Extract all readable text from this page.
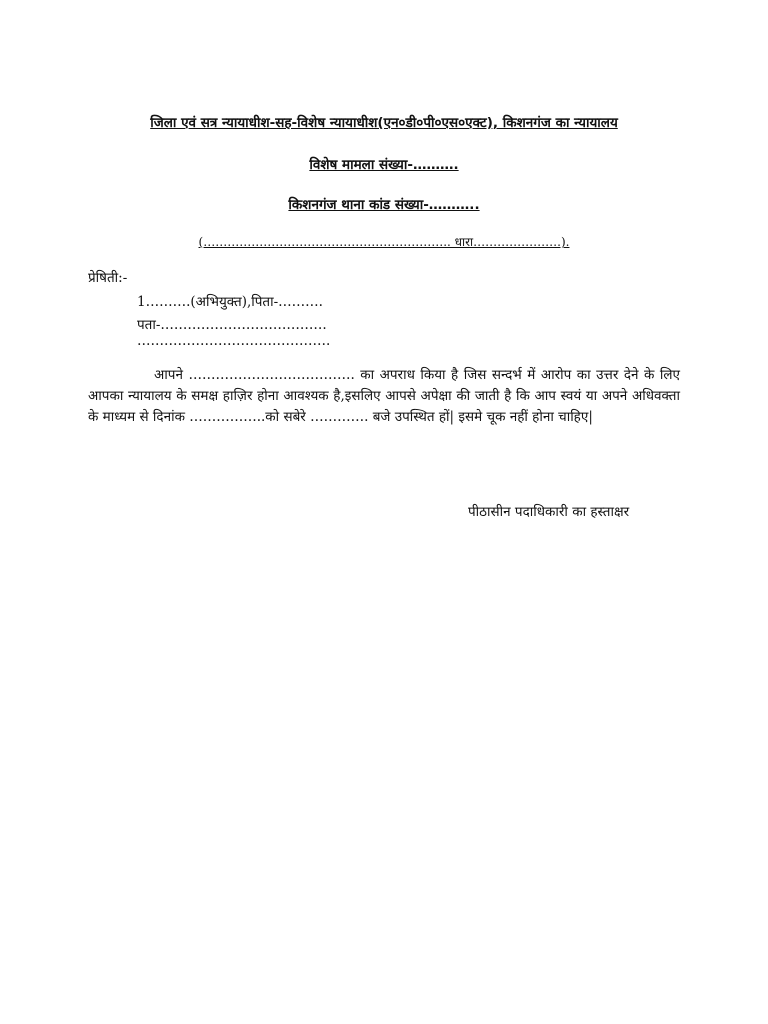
जिला एवं सत्र न्यायाधीश-सह-विशेष न्यायाधीश(एन०डी०पी०एस०एक्ट), किशनगंज का न्यायालय
विशेष मामला संख्या-……….
किशनगंज थाना कांड संख्या-………..
(…………………………………………………….. धारा………………….).
प्रेषिती:-
1……….(अभियुक्त),पिता-……….
पता-……………………………….
…………………………………….
आपने ………………………………. का अपराध किया है जिस सन्दर्भ में आरोप का उत्तर देने के लिए आपका न्यायालय के समक्ष हाज़िर होना आवश्यक है,इसलिए आपसे अपेक्षा की जाती है कि आप स्वयं या अपने अधिवक्ता के माध्यम से दिनांक ……………..को सबेरे …………. बजे उपस्थित हों| इसमे चूक नहीं होना चाहिए|
पीठासीन पदाधिकारी का हस्ताक्षर
